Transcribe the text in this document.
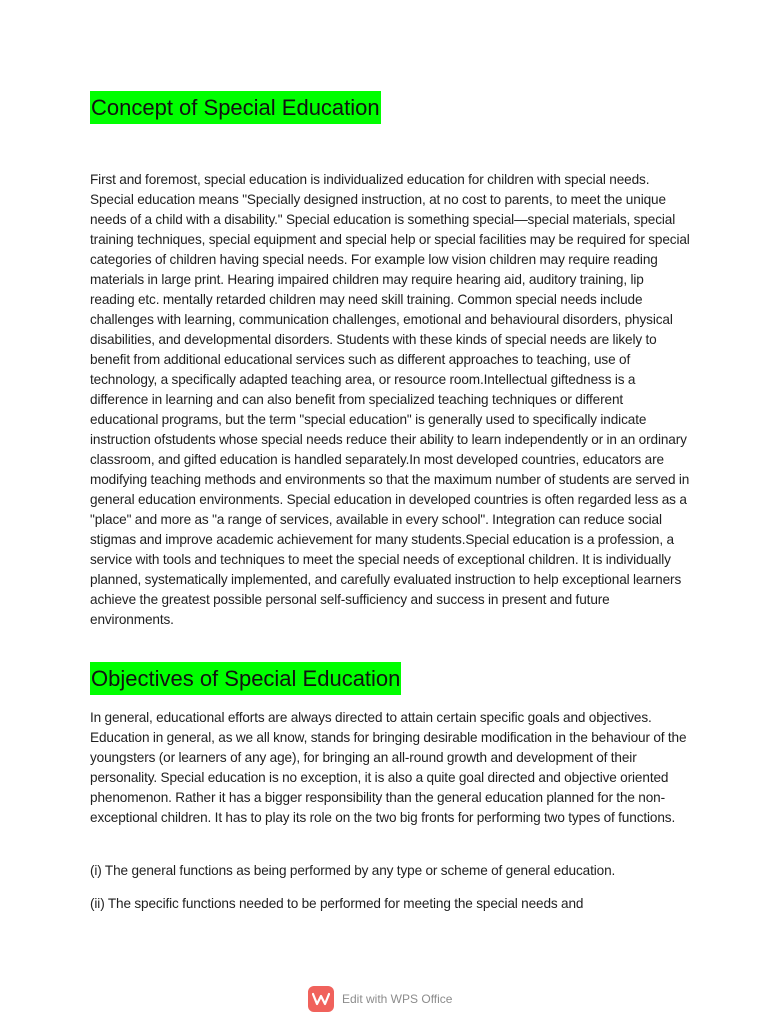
Concept of Special Education

First and foremost, special education is individualized education for children with special needs. Special education means "Specially designed instruction, at no cost to parents, to meet the unique needs of a child with a disability." Special education is something special—special materials, special training techniques, special equipment and special help or special facilities may be required for special categories of children having special needs. For example low vision children may require reading materials in large print. Hearing impaired children may require hearing aid, auditory training, lip reading etc. mentally retarded children may need skill training. Common special needs include challenges with learning, communication challenges, emotional and behavioural disorders, physical disabilities, and developmental disorders. Students with these kinds of special needs are likely to benefit from additional educational services such as different approaches to teaching, use of technology, a specifically adapted teaching area, or resource room.Intellectual giftedness is a difference in learning and can also benefit from specialized teaching techniques or different educational programs, but the term "special education" is generally used to specifically indicate instruction ofstudents whose special needs reduce their ability to learn independently or in an ordinary classroom, and gifted education is handled separately.In most developed countries, educators are modifying teaching methods and environments so that the maximum number of students are served in general education environments. Special education in developed countries is often regarded less as a "place" and more as "a range of services, available in every school". Integration can reduce social stigmas and improve academic achievement for many students.Special education is a profession, a service with tools and techniques to meet the special needs of exceptional children. It is individually planned, systematically implemented, and carefully evaluated instruction to help exceptional learners achieve the greatest possible personal self-sufficiency and success in present and future environments.

Objectives of Special Education

In general, educational efforts are always directed to attain certain specific goals and objectives. Education in general, as we all know, stands for bringing desirable modification in the behaviour of the youngsters (or learners of any age), for bringing an all-round growth and development of their personality. Special education is no exception, it is also a quite goal directed and objective oriented phenomenon. Rather it has a bigger responsibility than the general education planned for the non-exceptional children. It has to play its role on the two big fronts for performing two types of functions.

(i) The general functions as being performed by any type or scheme of general education.

(ii) The specific functions needed to be performed for meeting the special needs and

Edit with WPS Office
